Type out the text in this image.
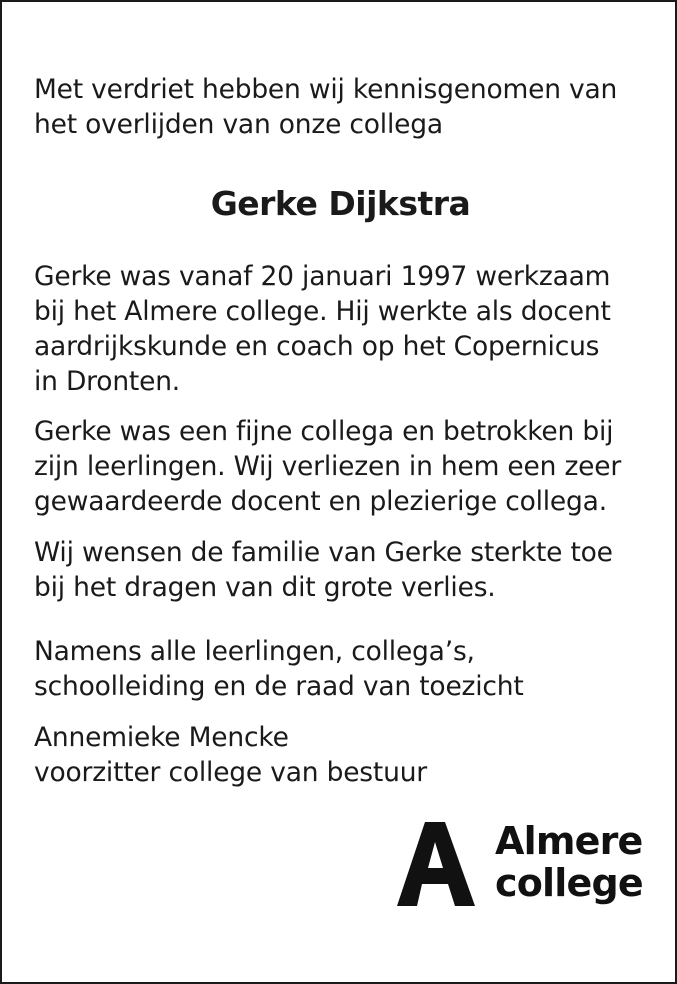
Met verdriet hebben wij kennisgenomen van
het overlijden van onze collega
Gerke Dijkstra
Gerke was vanaf 20 januari 1997 werkzaam
bij het Almere college. Hij werkte als docent
aardrijkskunde en coach op het Copernicus
in Dronten.
Gerke was een fijne collega en betrokken bij
zijn leerlingen. Wij verliezen in hem een zeer
gewaardeerde docent en plezierige collega.
Wij wensen de familie van Gerke sterkte toe
bij het dragen van dit grote verlies.
Namens alle leerlingen, collega’s,
schoolleiding en de raad van toezicht
Annemieke Mencke
voorzitter college van bestuur
Almere
college
